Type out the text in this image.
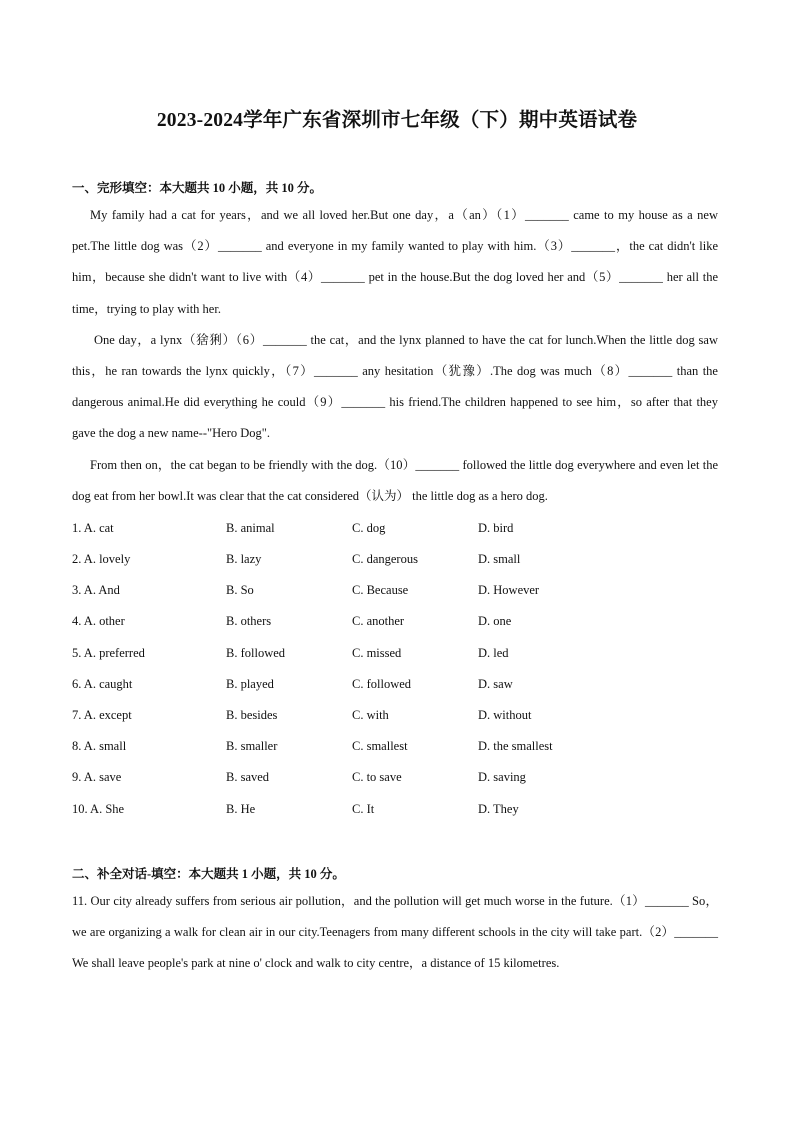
2023-2024学年广东省深圳市七年级（下）期中英语试卷
一、完形填空：本大题共 10 小题，共 10 分。

My family had a cat for years，and we all loved her.But one day，a（an）（1）_______ came to my house as a new pet.The little dog was（2）_______ and everyone in my family wanted to play with him.（3）_______，the cat didn't like him，because she didn't want to live with（4）_______ pet in the house.But the dog loved her and（5）_______ her all the time，trying to play with her.

One day，a lynx（猞猁）（6）_______ the cat，and the lynx planned to have the cat for lunch.When the little dog saw this，he ran towards the lynx quickly，（7）_______ any hesitation（犹豫）.The dog was much（8）_______ than the dangerous animal.He did everything he could（9）_______ his friend.The children happened to see him，so after that they gave the dog a new name--"Hero Dog".

From then on，the cat began to be friendly with the dog.（10）_______ followed the little dog everywhere and even let the dog eat from her bowl.It was clear that the cat considered（认为） the little dog as a hero dog.

1. A. cat	B. animal	C. dog	D. bird
2. A. lovely	B. lazy	C. dangerous	D. small
3. A. And	B. So	C. Because	D. However
4. A. other	B. others	C. another	D. one
5. A. preferred	B. followed	C. missed	D. led
6. A. caught	B. played	C. followed	D. saw
7. A. except	B. besides	C. with	D. without
8. A. small	B. smaller	C. smallest	D. the smallest
9. A. save	B. saved	C. to save	D. saving
10. A. She	B. He	C. It	D. They
二、补全对话-填空：本大题共 1 小题，共 10 分。

11. Our city already suffers from serious air pollution，and the pollution will get much worse in the future.（1）_______ So，we are organizing a walk for clean air in our city.Teenagers from many different schools in the city will take part.（2）_______ We shall leave people's park at nine o' clock and walk to city centre，a distance of 15 kilometres.
